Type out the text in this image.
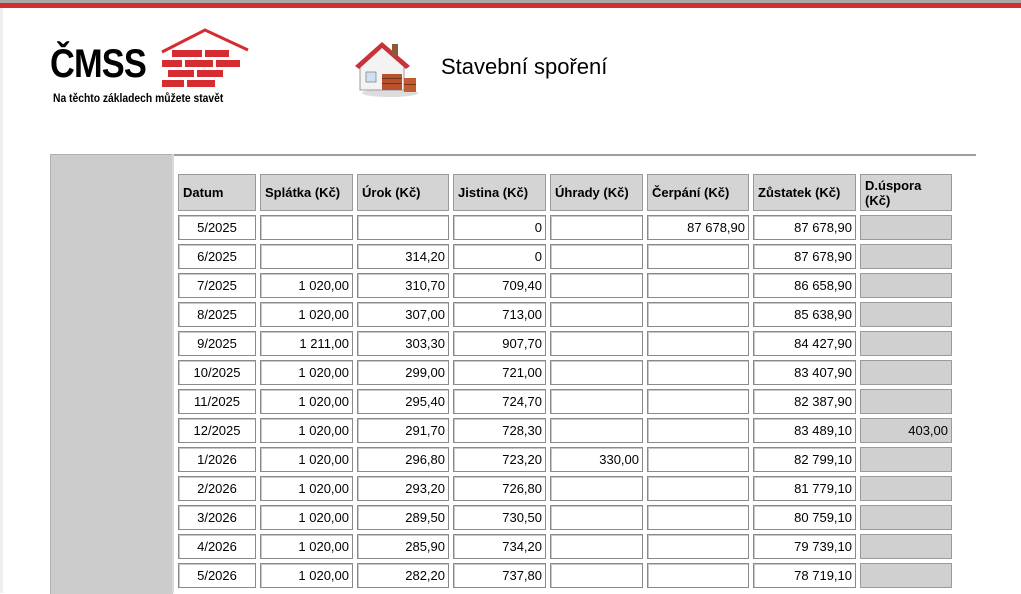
ČMSS
Na těchto základech můžete stavět
Stavební spoření
Datum	Splátka (Kč)	Úrok (Kč)	Jistina (Kč)	Úhrady (Kč)	Čerpání (Kč)	Zůstatek (Kč)	D.úspora (Kč)
5/2025			0		87 678,90	87 678,90	
6/2025		314,20	0			87 678,90	
7/2025	1 020,00	310,70	709,40			86 658,90	
8/2025	1 020,00	307,00	713,00			85 638,90	
9/2025	1 211,00	303,30	907,70			84 427,90	
10/2025	1 020,00	299,00	721,00			83 407,90	
11/2025	1 020,00	295,40	724,70			82 387,90	
12/2025	1 020,00	291,70	728,30			83 489,10	403,00
1/2026	1 020,00	296,80	723,20	330,00		82 799,10	
2/2026	1 020,00	293,20	726,80			81 779,10	
3/2026	1 020,00	289,50	730,50			80 759,10	
4/2026	1 020,00	285,90	734,20			79 739,10	
5/2026	1 020,00	282,20	737,80			78 719,10	
